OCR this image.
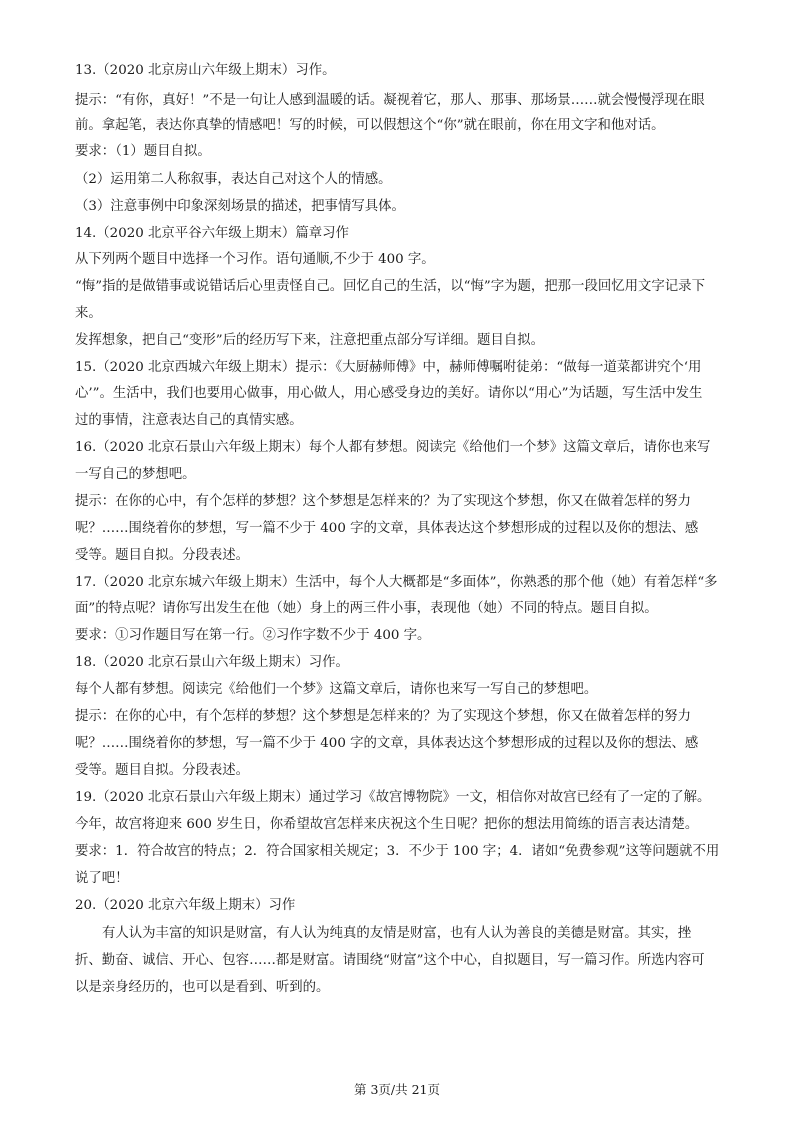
13.（2020 北京房山六年级上期末）习作。
提示：“有你，真好！”不是一句让人感到温暖的话。凝视着它，那人、那事、那场景……就会慢慢浮现在眼
前。拿起笔，表达你真挚的情感吧！写的时候，可以假想这个“你”就在眼前，你在用文字和他对话。
要求：（1）题目自拟。
（2）运用第二人称叙事，表达自己对这个人的情感。
（3）注意事例中印象深刻场景的描述，把事情写具体。
14.（2020 北京平谷六年级上期末）篇章习作
从下列两个题目中选择一个习作。语句通顺,不少于 400 字。
“悔”指的是做错事或说错话后心里责怪自己。回忆自己的生活，以“悔”字为题，把那一段回忆用文字记录下
来。
发挥想象，把自己“变形”后的经历写下来，注意把重点部分写详细。题目自拟。
15.（2020 北京西城六年级上期末）提示：《大厨赫师傅》中，赫师傅嘱咐徒弟：“做每一道菜都讲究个‘用
心’”。生活中，我们也要用心做事，用心做人，用心感受身边的美好。请你以“用心”为话题，写生活中发生
过的事情，注意表达自己的真情实感。
16.（2020 北京石景山六年级上期末）每个人都有梦想。阅读完《给他们一个梦》这篇文章后，请你也来写
一写自己的梦想吧。
提示：在你的心中，有个怎样的梦想？这个梦想是怎样来的？为了实现这个梦想，你又在做着怎样的努力
呢？……围绕着你的梦想，写一篇不少于 400 字的文章，具体表达这个梦想形成的过程以及你的想法、感
受等。题目自拟。分段表述。
17.（2020 北京东城六年级上期末）生活中，每个人大概都是“多面体”，你熟悉的那个他（她）有着怎样“多
面”的特点呢？请你写出发生在他（她）身上的两三件小事，表现他（她）不同的特点。题目自拟。
要求：①习作题目写在第一行。②习作字数不少于 400 字。
18.（2020 北京石景山六年级上期末）习作。
每个人都有梦想。阅读完《给他们一个梦》这篇文章后，请你也来写一写自己的梦想吧。
提示：在你的心中，有个怎样的梦想？这个梦想是怎样来的？为了实现这个梦想，你又在做着怎样的努力
呢？……围绕着你的梦想，写一篇不少于 400 字的文章，具体表达这个梦想形成的过程以及你的想法、感
受等。题目自拟。分段表述。
19.（2020 北京石景山六年级上期末）通过学习《故宫博物院》一文，相信你对故宫已经有了一定的了解。
今年，故宫将迎来 600 岁生日，你希望故宫怎样来庆祝这个生日呢？把你的想法用简练的语言表达清楚。
要求：1．符合故宫的特点；2．符合国家相关规定；3．不少于 100 字；4．诸如“免费参观”这等问题就不用
说了吧！
20.（2020 北京六年级上期末）习作
有人认为丰富的知识是财富，有人认为纯真的友情是财富，也有人认为善良的美德是财富。其实，挫
折、勤奋、诚信、开心、包容……都是财富。请围绕“财富”这个中心，自拟题目，写一篇习作。所选内容可
以是亲身经历的，也可以是看到、听到的。
第 3页/共 21页
